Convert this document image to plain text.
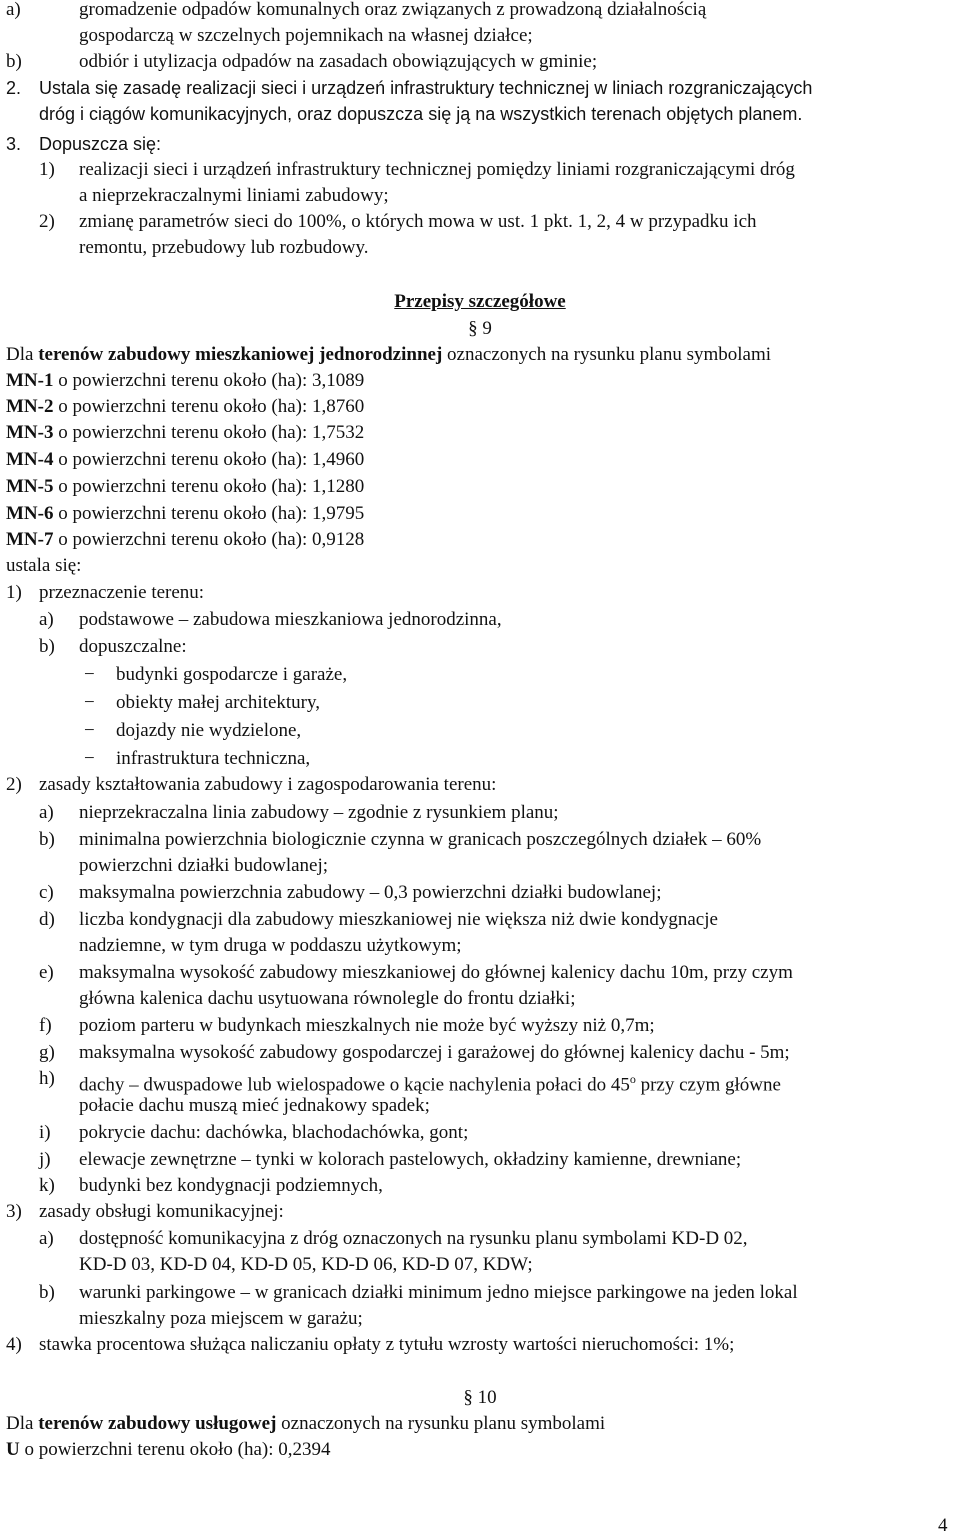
a)	gromadzenie odpadów komunalnych oraz związanych z prowadzoną działalnością
gospodarczą w szczelnych pojemnikach na własnej działce;
b)	odbiór i utylizacja odpadów na zasadach obowiązujących w gminie;
2. Ustala się zasadę realizacji sieci i urządzeń infrastruktury technicznej w liniach rozgraniczających
dróg i ciągów komunikacyjnych, oraz dopuszcza się ją na wszystkich terenach objętych planem.
3. Dopuszcza się:
1) realizacji sieci i urządzeń infrastruktury technicznej pomiędzy liniami rozgraniczającymi dróg
a nieprzekraczalnymi liniami zabudowy;
2) zmianę parametrów sieci do 100%, o których mowa w ust. 1 pkt. 1, 2, 4 w przypadku ich
remontu, przebudowy lub rozbudowy.
Przepisy szczegółowe
§ 9
Dla terenów zabudowy mieszkaniowej jednorodzinnej oznaczonych na rysunku planu symbolami
MN-1 o powierzchni terenu około (ha): 3,1089
MN-2 o powierzchni terenu około (ha): 1,8760
MN-3 o powierzchni terenu około (ha): 1,7532
MN-4 o powierzchni terenu około (ha): 1,4960
MN-5 o powierzchni terenu około (ha): 1,1280
MN-6 o powierzchni terenu około (ha): 1,9795
MN-7 o powierzchni terenu około (ha): 0,9128
ustala się:
1) przeznaczenie terenu:
a) podstawowe – zabudowa mieszkaniowa jednorodzinna,
b) dopuszczalne:
− budynki gospodarcze i garaże,
− obiekty małej architektury,
− dojazdy nie wydzielone,
− infrastruktura techniczna,
2) zasady kształtowania zabudowy i zagospodarowania terenu:
a) nieprzekraczalna linia zabudowy – zgodnie z rysunkiem planu;
b) minimalna powierzchnia biologicznie czynna w granicach poszczególnych działek – 60%
powierzchni działki budowlanej;
c) maksymalna powierzchnia zabudowy – 0,3 powierzchni działki budowlanej;
d) liczba kondygnacji dla zabudowy mieszkaniowej nie większa niż dwie kondygnacje
nadziemne, w tym druga w poddaszu użytkowym;
e) maksymalna wysokość zabudowy mieszkaniowej do głównej kalenicy dachu 10m, przy czym
główna kalenica dachu usytuowana równolegle do frontu działki;
f) poziom parteru w budynkach mieszkalnych nie może być wyższy niż 0,7m;
g) maksymalna wysokość zabudowy gospodarczej i garażowej do głównej kalenicy dachu - 5m;
h) dachy – dwuspadowe lub wielospadowe o kącie nachylenia połaci do 45$^o$ przy czym główne
połacie dachu muszą mieć jednakowy spadek;
i) pokrycie dachu: dachówka, blachodachówka, gont;
j) elewacje zewnętrzne – tynki w kolorach pastelowych, okładziny kamienne, drewniane;
k) budynki bez kondygnacji podziemnych,
3) zasady obsługi komunikacyjnej:
a) dostępność komunikacyjna z dróg oznaczonych na rysunku planu symbolami KD-D 02,
KD-D 03, KD-D 04, KD-D 05, KD-D 06, KD-D 07, KDW;
b) warunki parkingowe – w granicach działki minimum jedno miejsce parkingowe na jeden lokal
mieszkalny poza miejscem w garażu;
4) stawka procentowa służąca naliczaniu opłaty z tytułu wzrosty wartości nieruchomości: 1%;
§ 10
Dla terenów zabudowy usługowej oznaczonych na rysunku planu symbolami
U o powierzchni terenu około (ha): 0,2394
4
